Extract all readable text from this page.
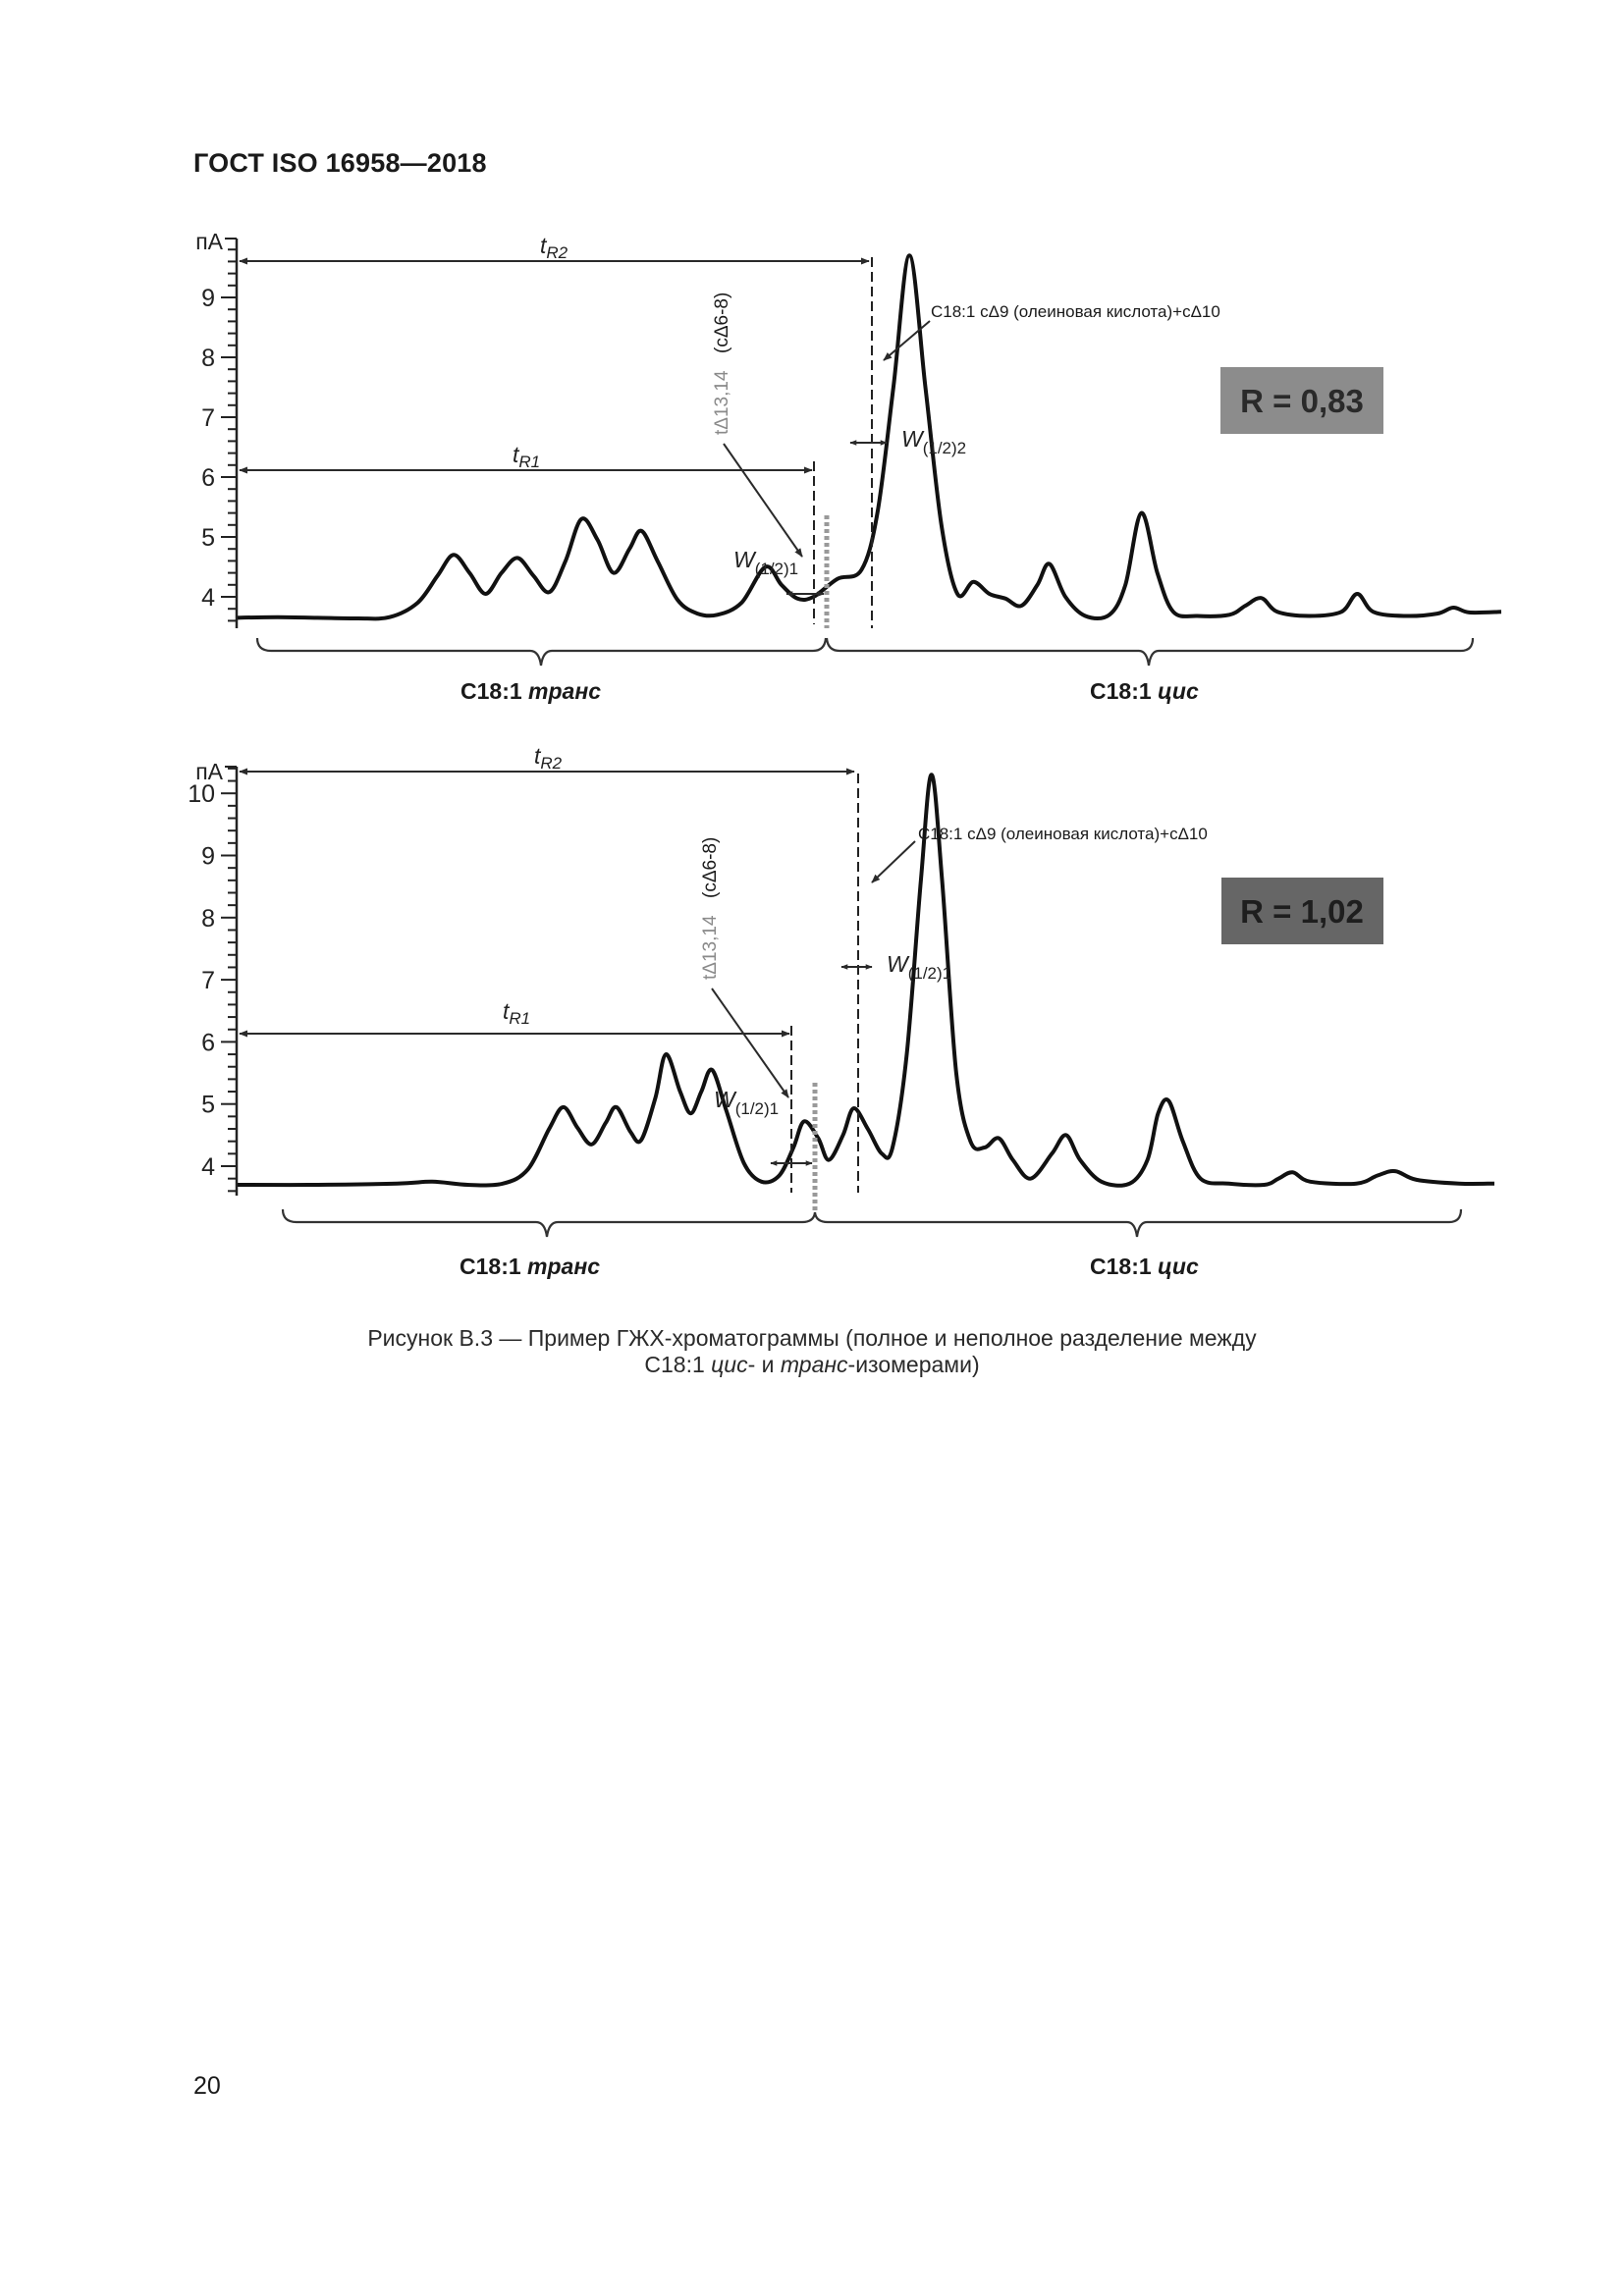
ГОСТ ISO 16958—2018
4
5
6
7
8
9
пА	$t_{R2}$
$t_{R1}$
$W_{(1/2)1}$
$W_{(1/2)2}$
С18:1 cΔ9 (олеиновая кислота)+cΔ10
tΔ13,14
(cΔ6-8)
R = 0,83
С18:1 транс	С18:1 цис
4
5
6
7
8
9
10
пА
$t_{R2}$
$t_{R1}$
$W_{(1/2)1}$
$W_{(1/2)1}$
С18:1 cΔ9 (олеиновая кислота)+cΔ10
tΔ13,14
(cΔ6-8)
R = 1,02
С18:1 транс	С18:1 цис
Рисунок В.3 — Пример ГЖХ-хроматограммы (полное и неполное разделение между
С18:1 цис- и транс-изомерами)
20
